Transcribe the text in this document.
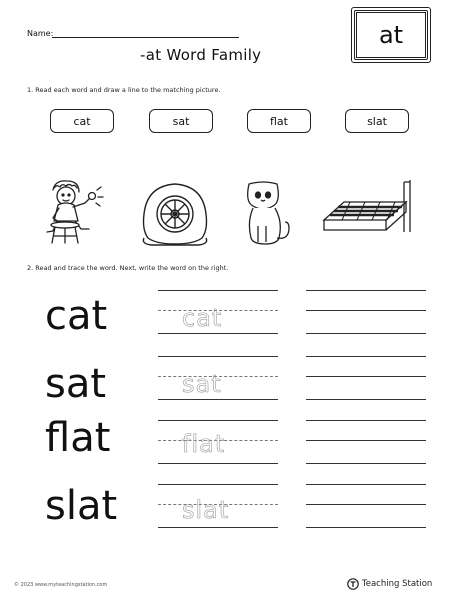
Name:
-at Word Family
at
1. Read each word and draw a line to the matching picture.
cat	sat	flat	slat
2. Read and trace the word. Next, write the word on the right.
cat	cat
sat	sat
flat	flat
slat	slat
© 2023 www.myteachingstation.com	Teaching Station
